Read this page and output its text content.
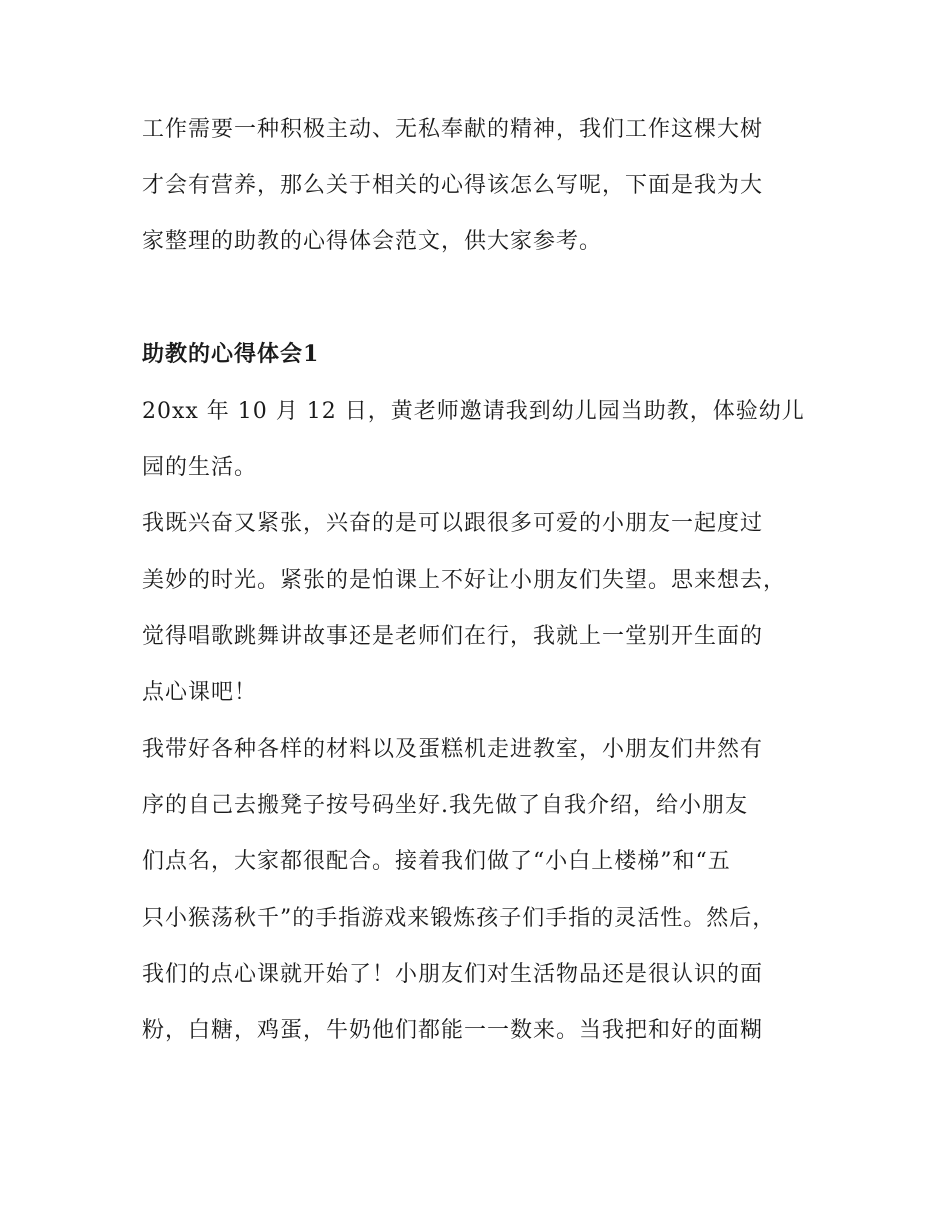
工作需要一种积极主动、无私奉献的精神，我们工作这棵大树
才会有营养，那么关于相关的心得该怎么写呢，下面是我为大
家整理的助教的心得体会范文，供大家参考。
助教的心得体会1
20xx 年 10 月 12 日，黄老师邀请我到幼儿园当助教，体验幼儿
园的生活。
我既兴奋又紧张，兴奋的是可以跟很多可爱的小朋友一起度过
美妙的时光。紧张的是怕课上不好让小朋友们失望。思来想去，
觉得唱歌跳舞讲故事还是老师们在行，我就上一堂别开生面的
点心课吧！
我带好各种各样的材料以及蛋糕机走进教室，小朋友们井然有
序的自己去搬凳子按号码坐好.我先做了自我介绍，给小朋友
们点名，大家都很配合。接着我们做了“小白上楼梯”和“五
只小猴荡秋千”的手指游戏来锻炼孩子们手指的灵活性。然后，
我们的点心课就开始了！小朋友们对生活物品还是很认识的面
粉，白糖，鸡蛋，牛奶他们都能一一数来。当我把和好的面糊
